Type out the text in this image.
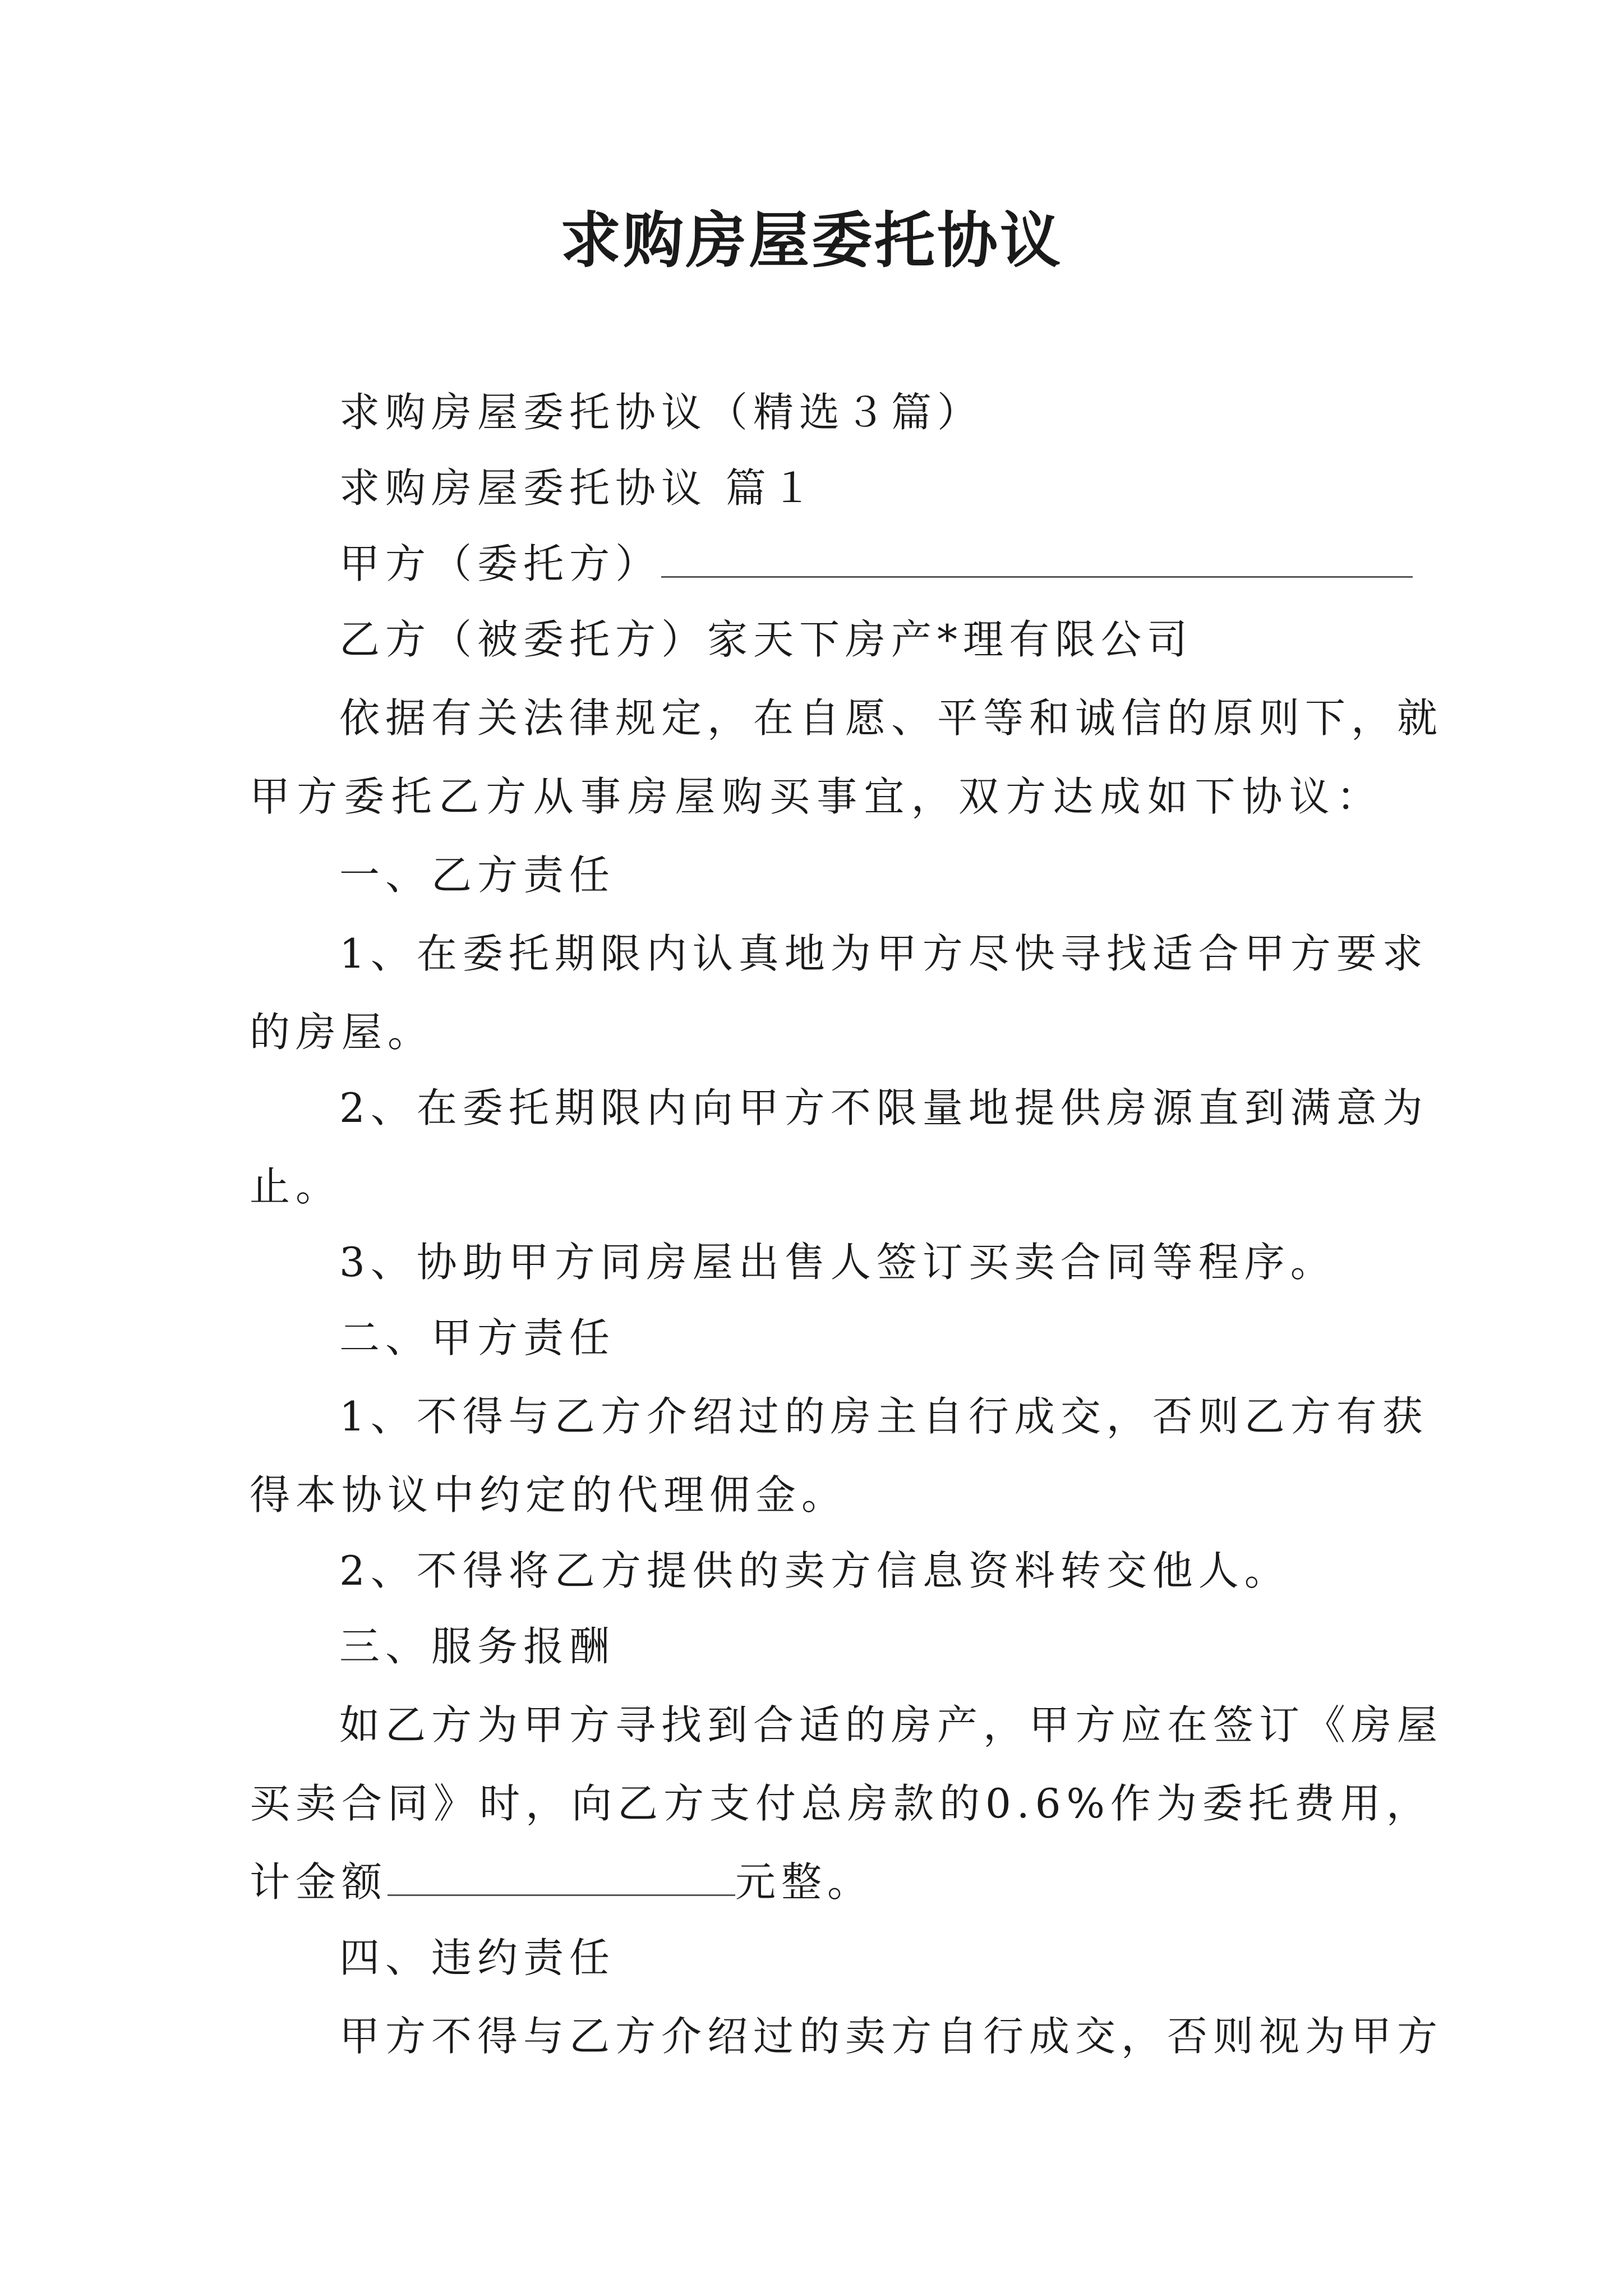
求购房屋委托协议
求购房屋委托协议（精选３篇）
求购房屋委托协议 篇１
甲方（委托方）
乙方（被委托方）家天下房产*理有限公司
依据有关法律规定，在自愿、平等和诚信的原则下，就
甲方委托乙方从事房屋购买事宜，双方达成如下协议：
一、乙方责任
1、在委托期限内认真地为甲方尽快寻找适合甲方要求
的房屋。
2、在委托期限内向甲方不限量地提供房源直到满意为
止。
3、协助甲方同房屋出售人签订买卖合同等程序。
二、甲方责任
1、不得与乙方介绍过的房主自行成交，否则乙方有获
得本协议中约定的代理佣金。
2、不得将乙方提供的卖方信息资料转交他人。
三、服务报酬
如乙方为甲方寻找到合适的房产，甲方应在签订《房屋
买卖合同》时，向乙方支付总房款的0.6%作为委托费用，
计金额	元整。
四、违约责任
甲方不得与乙方介绍过的卖方自行成交，否则视为甲方
